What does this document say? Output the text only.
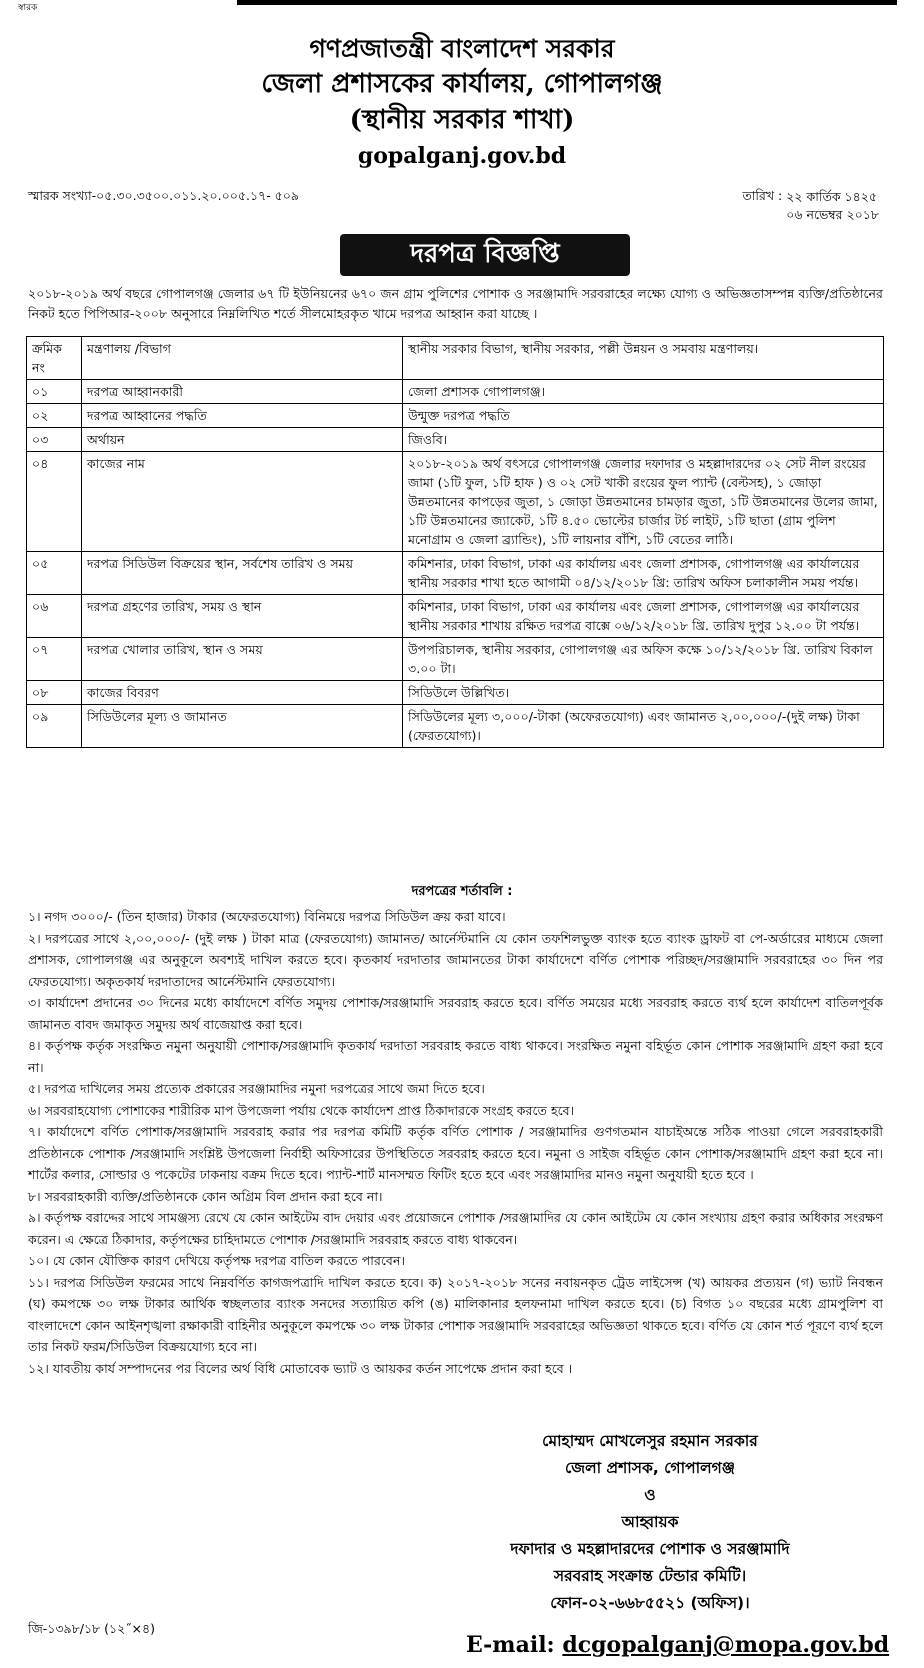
স্বারক
গণপ্রজাতন্ত্রী বাংলাদেশ সরকার
জেলা প্রশাসকের কার্যালয়, গোপালগঞ্জ
(স্থানীয় সরকার শাখা)
gopalganj.gov.bd
স্মারক সংখ্যা-০৫.৩০.৩৫০০.০১১.২০.০০৫.১৭- ৫০৯	তারিখ : ২২ কার্তিক ১৪২৫
০৬ নভেম্বর ২০১৮
দরপত্র বিজ্ঞপ্তি
২০১৮-২০১৯ অর্থ বছরে গোপালগঞ্জ জেলার ৬৭ টি ইউনিয়নের ৬৭০ জন গ্রাম পুলিশের পোশাক ও সরঞ্জামাদি সরবরাহের লক্ষ্যে যোগ্য ও অভিজ্ঞতাসম্পন্ন ব্যক্তি/প্রতিষ্ঠানের নিকট হতে পিপিআর-২০০৮ অনুসারে নিম্নলিখিত শর্তে সীলমোহরকৃত খামে দরপত্র আহ্বান করা যাচ্ছে ।
ক্রমিক নং	মন্ত্রণালয় /বিভাগ	স্থানীয় সরকার বিভাগ, স্থানীয় সরকার, পল্লী উন্নয়ন ও সমবায় মন্ত্রণালয়।
০১	দরপত্র আহ্বানকারী	জেলা প্রশাসক গোপালগঞ্জ।
০২	দরপত্র আহ্বানের পদ্ধতি	উন্মুক্ত দরপত্র পদ্ধতি
০৩	অর্থায়ন	জিওবি।
০৪	কাজের নাম	২০১৮-২০১৯ অর্থ বৎসরে গোপালগঞ্জ জেলার দফাদার ও মহল্লাদারদের ০২ সেট নীল রংয়ের জামা (১টি ফুল, ১টি হাফ ) ও ০২ সেট খাকী রংয়ের ফুল প্যান্ট (বেল্টসহ), ১ জোড়া উন্নতমানের কাপড়ের জুতা, ১ জোড়া উন্নতমানের চামড়ার জুতা, ১টি উন্নতমানের উলের জামা, ১টি উন্নতমানের জ্যাকেট, ১টি ৪.৫০ ভোল্টের চার্জার টর্চ লাইট, ১টি ছাতা (গ্রাম পুলিশ মনোগ্রাম ও জেলা ব্র্যান্ডিং), ১টি লায়নার বাঁশি, ১টি বেতের লাঠি।
০৫	দরপত্র সিডিউল বিক্রয়ের স্থান, সর্বশেষ তারিখ ও সময়	কমিশনার, ঢাকা বিভাগ, ঢাকা এর কার্যালয় এবং জেলা প্রশাসক, গোপালগঞ্জ এর কার্যালয়ের স্থানীয় সরকার শাখা হতে আগামী ০৪/১২/২০১৮ খ্রি: তারিখ অফিস চলাকালীন সময় পর্যন্ত।
০৬	দরপত্র গ্রহণের তারিখ, সময় ও স্থান	কমিশনার, ঢাকা বিভাগ, ঢাকা এর কার্যালয় এবং জেলা প্রশাসক, গোপালগঞ্জ এর কার্যালয়ের স্থানীয় সরকার শাখায় রক্ষিত দরপত্র বাক্সে ০৬/১২/২০১৮ খ্রি. তারিখ দুপুর ১২.০০ টা পর্যন্ত।
০৭	দরপত্র খোলার তারিখ, স্থান ও সময়	উপপরিচালক, স্থানীয় সরকার, গোপালগঞ্জ এর অফিস কক্ষে ১০/১২/২০১৮ খ্রি. তারিখ বিকাল ৩.০০ টা।
০৮	কাজের বিবরণ	সিডিউলে উল্লিখিত।
০৯	সিডিউলের মূল্য ও জামানত	সিডিউলের মূল্য ৩,০০০/-টাকা (অফেরতযোগ্য) এবং জামানত ২,০০,০০০/-(দুই লক্ষ) টাকা (ফেরতযোগ্য)।
দরপত্রের শর্তাবলি :

১। নগদ ৩০০০/- (তিন হাজার) টাকার (অফেরতযোগ্য) বিনিময়ে দরপত্র সিডিউল ক্রয় করা যাবে।

২। দরপত্রের সাথে ২,০০,০০০/- (দুই লক্ষ ) টাকা মাত্র (ফেরতযোগ্য) জামানত/ আর্নেস্টমানি যে কোন তফশিলভুক্ত ব্যাংক হতে ব্যাংক ড্রাফট বা পে-অর্ডারের মাধ্যমে জেলা প্রশাসক, গোপালগঞ্জ এর অনুকূলে অবশ্যই দাখিল করতে হবে। কৃতকার্য দরদাতার জামানতের টাকা কার্যাদেশে বর্ণিত পোশাক পরিচ্ছদ/সরঞ্জামাদি সরবরাহের ৩০ দিন পর ফেরতযোগ্য। অকৃতকার্য দরদাতাদের আর্নেস্টমানি ফেরতযোগ্য।

৩। কার্যাদেশ প্রদানের ৩০ দিনের মধ্যে কার্যাদেশে বর্ণিত সমুদয় পোশাক/সরঞ্জামাদি সরবরাহ করতে হবে। বর্ণিত সময়ের মধ্যে সরবরাহ করতে ব্যর্থ হলে কার্যাদেশ বাতিলপূর্বক জামানত বাবদ জমাকৃত সমুদয় অর্থ বাজেয়াপ্ত করা হবে।

৪। কর্তৃপক্ষ কর্তৃক সংরক্ষিত নমুনা অনুযায়ী পোশাক/সরঞ্জামাদি কৃতকার্য দরদাতা সরবরাহ করতে বাধ্য থাকবে। সংরক্ষিত নমুনা বহির্ভূত কোন পোশাক সরঞ্জামাদি গ্রহণ করা হবে না।

৫। দরপত্র দাখিলের সময় প্রত্যেক প্রকারের সরঞ্জামাদির নমুনা দরপত্রের সাথে জমা দিতে হবে।

৬। সরবরাহযোগ্য পোশাকের শারীরিক মাপ উপজেলা পর্যায় থেকে কার্যাদেশ প্রাপ্ত ঠিকাদারকে সংগ্রহ করতে হবে।

৭। কার্যাদেশে বর্ণিত পোশাক/সরঞ্জামাদি সরবরাহ করার পর দরপত্র কমিটি কর্তৃক বর্ণিত পোশাক / সরঞ্জামাদির গুণগতমান যাচাইঅন্তে সঠিক পাওয়া গেলে সরবরাহকারী প্রতিষ্ঠানকে পোশাক /সরঞ্জামাদি সংশ্লিষ্ট উপজেলা নির্বাহী অফিসারের উপস্থিতিতে সরবরাহ করতে হবে। নমুনা ও সাইজ বহির্ভূত কোন পোশাক/সরঞ্জামাদি গ্রহণ করা হবে না। শার্টের কলার, সোল্ডার ও পকেটের ঢাকনায় বক্রম দিতে হবে। প্যান্ট-শার্ট মানসম্মত ফিটিং হতে হবে এবং সরঞ্জামাদির মানও নমুনা অনুযায়ী হতে হবে ।

৮। সরবরাহকারী ব্যক্তি/প্রতিষ্ঠানকে কোন অগ্রিম বিল প্রদান করা হবে না।

৯। কর্তৃপক্ষ বরাদ্দের সাথে সামঞ্জস্য রেখে যে কোন আইটেম বাদ দেয়ার এবং প্রয়োজনে পোশাক /সরঞ্জামাদির যে কোন আইটেম যে কোন সংখ্যায় গ্রহণ করার অধিকার সংরক্ষণ করেন। এ ক্ষেত্রে ঠিকাদার, কর্তৃপক্ষের চাহিদামতে পোশাক /সরঞ্জামাদি সরবরাহ করতে বাধ্য থাকবেন।

১০। যে কোন যৌক্তিক কারণ দেখিয়ে কর্তৃপক্ষ দরপত্র বাতিল করতে পারবেন।

১১। দরপত্র সিডিউল ফরমের সাথে নিম্নবর্ণিত কাগজপত্রাদি দাখিল করতে হবে। ক) ২০১৭-২০১৮ সনের নবায়নকৃত ট্রেড লাইসেন্স (খ) আয়কর প্রত্যয়ন (গ) ভ্যাট নিবন্ধন (ঘ) কমপক্ষে ৩০ লক্ষ টাকার আর্থিক স্বচ্ছলতার ব্যাংক সনদের সত্যায়িত কপি (ঙ) মালিকানার হলফনামা দাখিল করতে হবে। (চ) বিগত ১০ বছরের মধ্যে গ্রামপুলিশ বা বাংলাদেশে কোন আইনশৃঙ্খলা রক্ষাকারী বাহিনীর অনুকূলে কমপক্ষে ৩০ লক্ষ টাকার পোশাক সরঞ্জামাদি সরবরাহের অভিজ্ঞতা থাকতে হবে। বর্ণিত যে কোন শর্ত পূরণে ব্যর্থ হলে তার নিকট ফরম/সিডিউল বিক্রয়যোগ্য হবে না।

১২। যাবতীয় কার্য সম্পাদনের পর বিলের অর্থ বিধি মোতাবেক ভ্যাট ও আয়কর কর্তন সাপেক্ষে প্রদান করা হবে ।

মোহাম্মদ মোখলেসুর রহমান সরকার
জেলা প্রশাসক, গোপালগঞ্জ
ও
আহ্বায়ক
দফাদার ও মহল্লাদারদের পোশাক ও সরঞ্জামাদি
সরবরাহ সংক্রান্ত টেন্ডার কমিটি।
ফোন-০২-৬৬৮৫৫২১ (অফিস)।
জি-১৩৯৮/১৮ (১২˝×৪)
E-mail: dcgopalganj@mopa.gov.bd
